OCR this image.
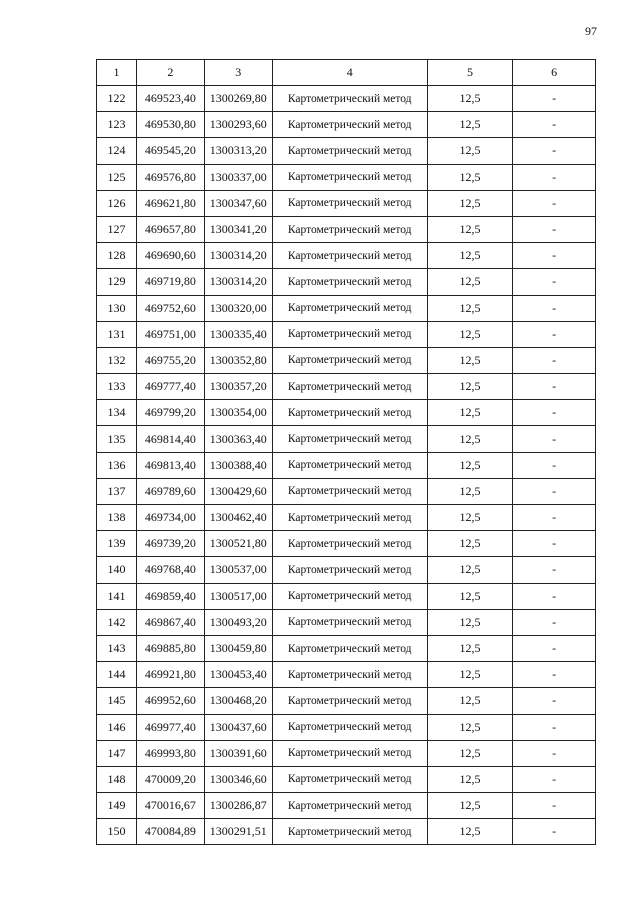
97
1	2	3	4	5	6
122	469523,40	1300269,80	Картометрический метод	12,5	-
123	469530,80	1300293,60	Картометрический метод	12,5	-
124	469545,20	1300313,20	Картометрический метод	12,5	-
125	469576,80	1300337,00	Картометрический метод	12,5	-
126	469621,80	1300347,60	Картометрический метод	12,5	-
127	469657,80	1300341,20	Картометрический метод	12,5	-
128	469690,60	1300314,20	Картометрический метод	12,5	-
129	469719,80	1300314,20	Картометрический метод	12,5	-
130	469752,60	1300320,00	Картометрический метод	12,5	-
131	469751,00	1300335,40	Картометрический метод	12,5	-
132	469755,20	1300352,80	Картометрический метод	12,5	-
133	469777,40	1300357,20	Картометрический метод	12,5	-
134	469799,20	1300354,00	Картометрический метод	12,5	-
135	469814,40	1300363,40	Картометрический метод	12,5	-
136	469813,40	1300388,40	Картометрический метод	12,5	-
137	469789,60	1300429,60	Картометрический метод	12,5	-
138	469734,00	1300462,40	Картометрический метод	12,5	-
139	469739,20	1300521,80	Картометрический метод	12,5	-
140	469768,40	1300537,00	Картометрический метод	12,5	-
141	469859,40	1300517,00	Картометрический метод	12,5	-
142	469867,40	1300493,20	Картометрический метод	12,5	-
143	469885,80	1300459,80	Картометрический метод	12,5	-
144	469921,80	1300453,40	Картометрический метод	12,5	-
145	469952,60	1300468,20	Картометрический метод	12,5	-
146	469977,40	1300437,60	Картометрический метод	12,5	-
147	469993,80	1300391,60	Картометрический метод	12,5	-
148	470009,20	1300346,60	Картометрический метод	12,5	-
149	470016,67	1300286,87	Картометрический метод	12,5	-
150	470084,89	1300291,51	Картометрический метод	12,5	-
